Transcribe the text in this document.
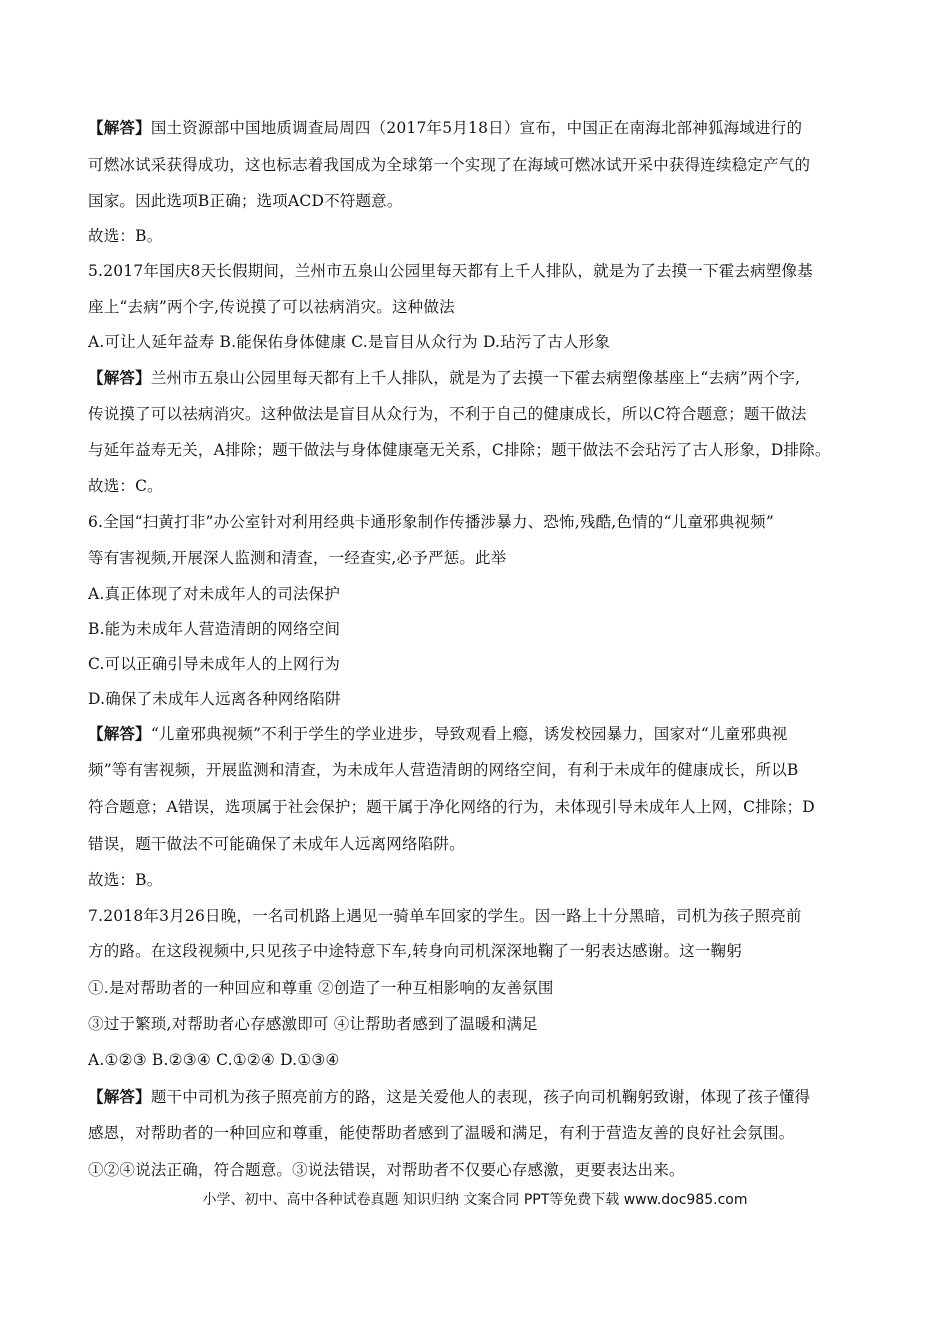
【解答】国土资源部中国地质调查局周四（2017年5月18日）宣布，中国正在南海北部神狐海域进行的
可燃冰试采获得成功，这也标志着我国成为全球第一个实现了在海域可燃冰试开采中获得连续稳定产气的
国家。因此选项B正确；选项ACD不符题意。
故选：B。
5.2017年国庆8天长假期间，兰州市五泉山公园里每天都有上千人排队，就是为了去摸一下霍去病塑像基
座上“去病”两个字,传说摸了可以祛病消灾。这种做法
A.可让人延年益寿 B.能保佑身体健康 C.是盲目从众行为 D.玷污了古人形象
【解答】兰州市五泉山公园里每天都有上千人排队，就是为了去摸一下霍去病塑像基座上“去病”两个字,
传说摸了可以祛病消灾。这种做法是盲目从众行为，不利于自己的健康成长，所以C符合题意；题干做法
与延年益寿无关，A排除；题干做法与身体健康毫无关系，C排除；题干做法不会玷污了古人形象，D排除。
故选：C。
6.全国“扫黄打非”办公室针对利用经典卡通形象制作传播涉暴力、恐怖,残酷,色情的“儿童邪典视频”
等有害视频,开展深人监测和清查，一经查实,必予严惩。此举
A.真正体现了对未成年人的司法保护
B.能为未成年人营造清朗的网络空间
C.可以正确引导未成年人的上网行为
D.确保了未成年人远离各种网络陷阱
【解答】“儿童邪典视频”不利于学生的学业进步，导致观看上瘾，诱发校园暴力，国家对“儿童邪典视
频”等有害视频，开展监测和清查，为未成年人营造清朗的网络空间，有利于未成年的健康成长，所以B
符合题意；A错误，选项属于社会保护；题干属于净化网络的行为，未体现引导未成年人上网，C排除；D
错误，题干做法不可能确保了未成年人远离网络陷阱。
故选：B。
7.2018年3月26日晚，一名司机路上遇见一骑单车回家的学生。因一路上十分黑暗，司机为孩子照亮前
方的路。在这段视频中,只见孩子中途特意下车,转身向司机深深地鞠了一躬表达感谢。这一鞠躬
①.是对帮助者的一种回应和尊重 ②创造了一种互相影响的友善氛围
③过于繁琐,对帮助者心存感激即可 ④让帮助者感到了温暖和满足
A.①②③ B.②③④ C.①②④ D.①③④
【解答】题干中司机为孩子照亮前方的路，这是关爱他人的表现，孩子向司机鞠躬致谢，体现了孩子懂得
感恩，对帮助者的一种回应和尊重，能使帮助者感到了温暖和满足，有利于营造友善的良好社会氛围。
①②④说法正确，符合题意。③说法错误，对帮助者不仅要心存感激，更要表达出来。
小学、初中、高中各种试卷真题 知识归纳 文案合同 PPT等免费下载 www.doc985.com
